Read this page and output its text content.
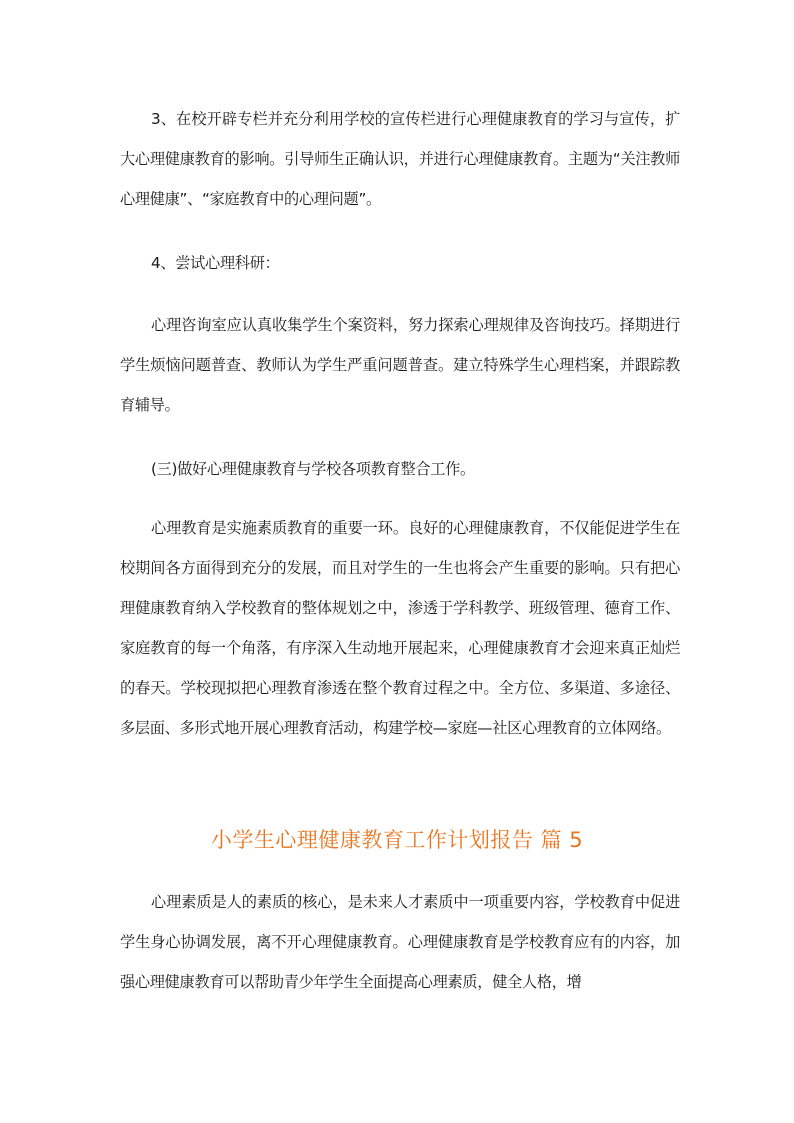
3、在校开辟专栏并充分利用学校的宣传栏进行心理健康教育的学习与宣传，扩大心理健康教育的影响。引导师生正确认识，并进行心理健康教育。主题为“关注教师心理健康”、“家庭教育中的心理问题”。

4、尝试心理科研：

心理咨询室应认真收集学生个案资料，努力探索心理规律及咨询技巧。择期进行学生烦恼问题普查、教师认为学生严重问题普查。建立特殊学生心理档案，并跟踪教育辅导。

(三)做好心理健康教育与学校各项教育整合工作。

心理教育是实施素质教育的重要一环。良好的心理健康教育，不仅能促进学生在校期间各方面得到充分的发展，而且对学生的一生也将会产生重要的影响。只有把心理健康教育纳入学校教育的整体规划之中，渗透于学科教学、班级管理、德育工作、家庭教育的每一个角落，有序深入生动地开展起来，心理健康教育才会迎来真正灿烂的春天。学校现拟把心理教育渗透在整个教育过程之中。全方位、多渠道、多途径、多层面、多形式地开展心理教育活动，构建学校—家庭—社区心理教育的立体网络。

小学生心理健康教育工作计划报告 篇 5

心理素质是人的素质的核心，是未来人才素质中一项重要内容，学校教育中促进学生身心协调发展，离不开心理健康教育。心理健康教育是学校教育应有的内容，加强心理健康教育可以帮助青少年学生全面提高心理素质，健全人格，增
